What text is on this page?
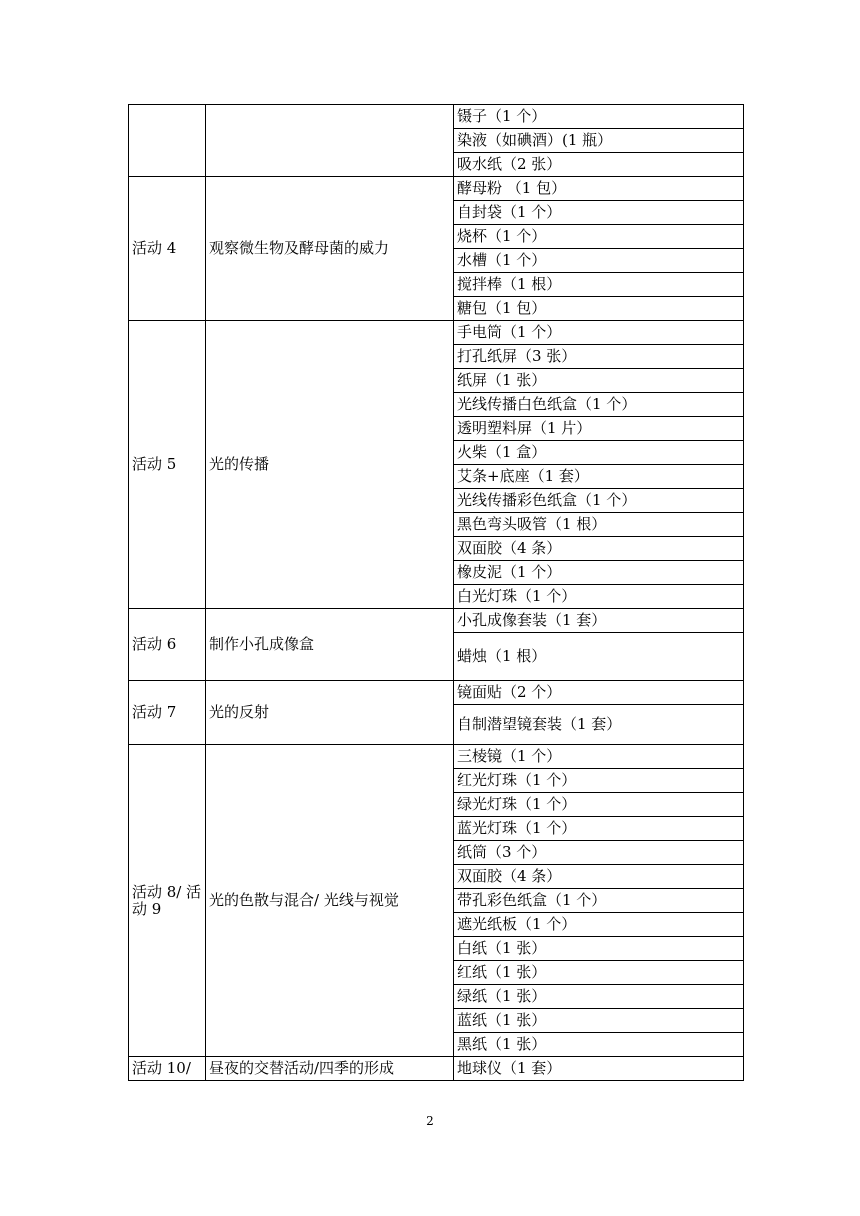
		镊子（1 个）
		染液（如碘酒）(1 瓶）
		吸水纸（2 张）
活动 4	观察微生物及酵母菌的威力	酵母粉 （1 包）
		自封袋（1 个）
		烧杯（1 个）
		水槽（1 个）
		搅拌棒（1 根）
		糖包（1 包）
活动 5	光的传播	手电筒（1 个）
		打孔纸屏（3 张）
		纸屏（1 张）
		光线传播白色纸盒（1 个）
		透明塑料屏（1 片）
		火柴（1 盒）
		艾条+底座（1 套）
		光线传播彩色纸盒（1 个）
		黑色弯头吸管（1 根）
		双面胶（4 条）
		橡皮泥（1 个）
		白光灯珠（1 个）
活动 6	制作小孔成像盒	小孔成像套装（1 套）
		蜡烛（1 根）
活动 7	光的反射	镜面贴（2 个）
		自制潜望镜套装（1 套）
活动 8/ 活动 9	光的色散与混合/ 光线与视觉	三棱镜（1 个）
		红光灯珠（1 个）
		绿光灯珠（1 个）
		蓝光灯珠（1 个）
		纸筒（3 个）
		双面胶（4 条）
		带孔彩色纸盒（1 个）
		遮光纸板（1 个）
		白纸（1 张）
		红纸（1 张）
		绿纸（1 张）
		蓝纸（1 张）
		黑纸（1 张）
活动 10/	昼夜的交替活动/四季的形成	地球仪（1 套）
2
